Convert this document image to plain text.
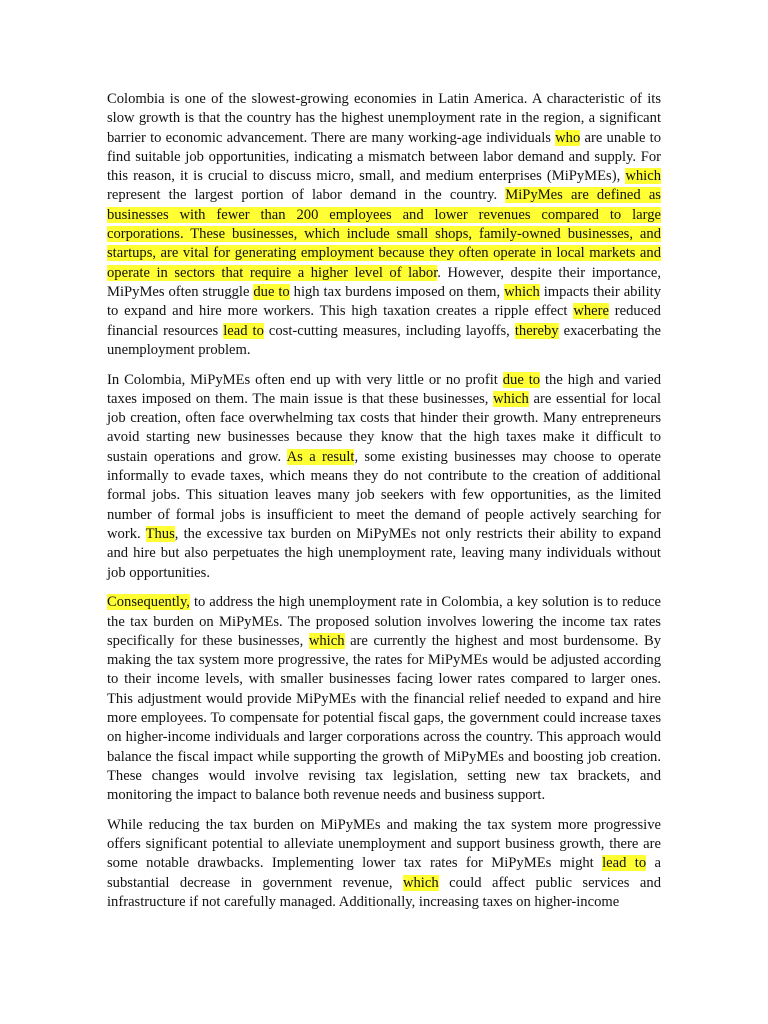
Colombia is one of the slowest-growing economies in Latin America. A characteristic of its slow growth is that the country has the highest unemployment rate in the region, a significant barrier to economic advancement. There are many working-age individuals who are unable to find suitable job opportunities, indicating a mismatch between labor demand and supply. For this reason, it is crucial to discuss micro, small, and medium enterprises (MiPyMEs), which represent the largest portion of labor demand in the country. MiPyMes are defined as businesses with fewer than 200 employees and lower revenues compared to large corporations. These businesses, which include small shops, family-owned businesses, and startups, are vital for generating employment because they often operate in local markets and operate in sectors that require a higher level of labor. However, despite their importance, MiPyMes often struggle due to high tax burdens imposed on them, which impacts their ability to expand and hire more workers. This high taxation creates a ripple effect where reduced financial resources lead to cost-cutting measures, including layoffs, thereby exacerbating the unemployment problem.

In Colombia, MiPyMEs often end up with very little or no profit due to the high and varied taxes imposed on them. The main issue is that these businesses, which are essential for local job creation, often face overwhelming tax costs that hinder their growth. Many entrepreneurs avoid starting new businesses because they know that the high taxes make it difficult to sustain operations and grow. As a result, some existing businesses may choose to operate informally to evade taxes, which means they do not contribute to the creation of additional formal jobs. This situation leaves many job seekers with few opportunities, as the limited number of formal jobs is insufficient to meet the demand of people actively searching for work. Thus, the excessive tax burden on MiPyMEs not only restricts their ability to expand and hire but also perpetuates the high unemployment rate, leaving many individuals without job opportunities.

Consequently, to address the high unemployment rate in Colombia, a key solution is to reduce the tax burden on MiPyMEs. The proposed solution involves lowering the income tax rates specifically for these businesses, which are currently the highest and most burdensome. By making the tax system more progressive, the rates for MiPyMEs would be adjusted according to their income levels, with smaller businesses facing lower rates compared to larger ones. This adjustment would provide MiPyMEs with the financial relief needed to expand and hire more employees. To compensate for potential fiscal gaps, the government could increase taxes on higher-income individuals and larger corporations across the country. This approach would balance the fiscal impact while supporting the growth of MiPyMEs and boosting job creation. These changes would involve revising tax legislation, setting new tax brackets, and monitoring the impact to balance both revenue needs and business support.

While reducing the tax burden on MiPyMEs and making the tax system more progressive offers significant potential to alleviate unemployment and support business growth, there are some notable drawbacks. Implementing lower tax rates for MiPyMEs might lead to a substantial decrease in government revenue, which could affect public services and infrastructure if not carefully managed. Additionally, increasing taxes on higher-income
